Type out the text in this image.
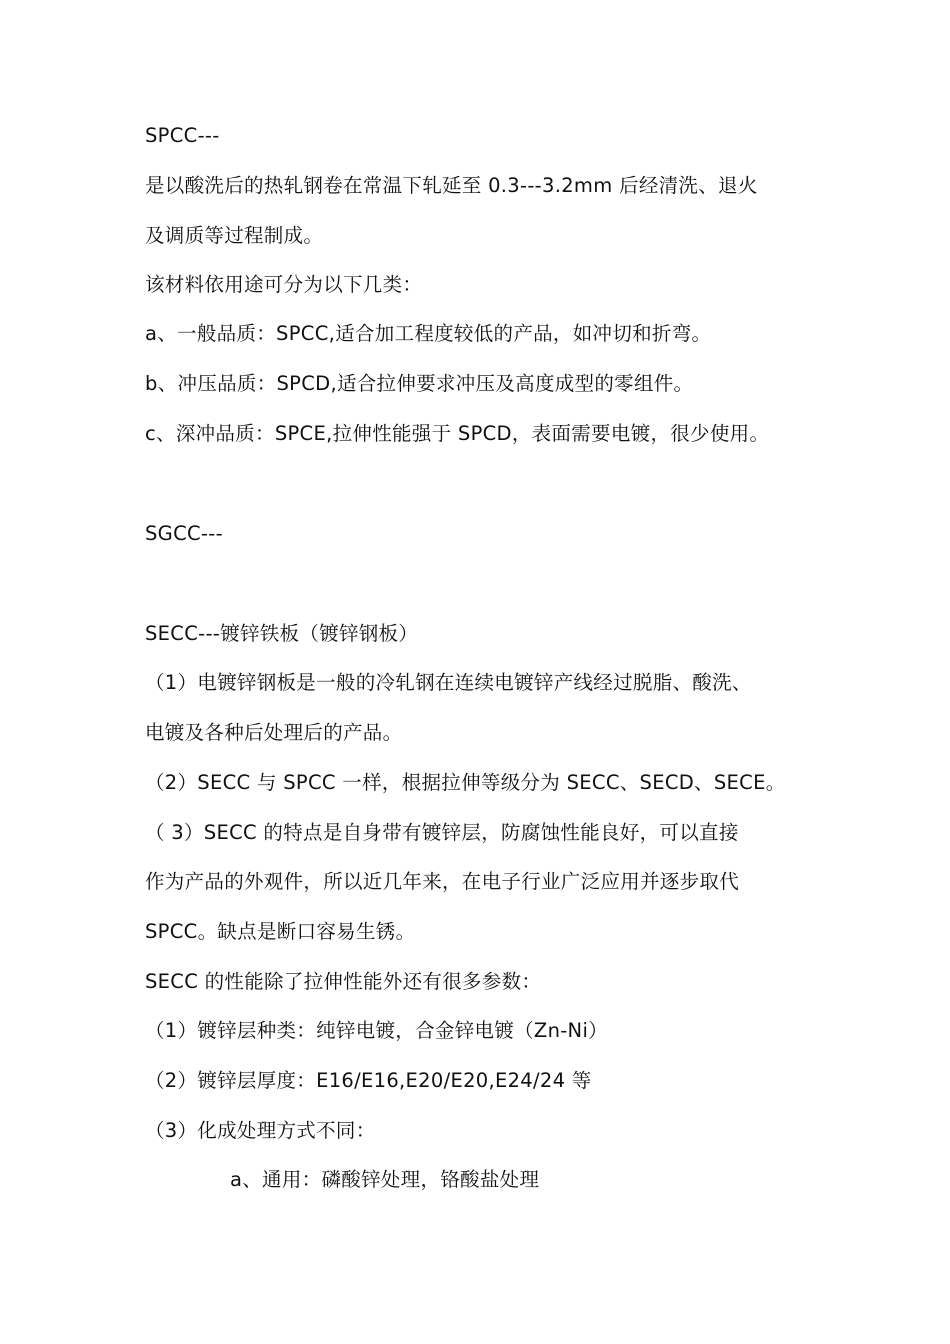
SPCC---
是以酸洗后的热轧钢卷在常温下轧延至 0.3---3.2mm 后经清洗、退火
及调质等过程制成。
该材料依用途可分为以下几类：
a、一般品质：SPCC,适合加工程度较低的产品，如冲切和折弯。
b、冲压品质：SPCD,适合拉伸要求冲压及高度成型的零组件。
c、深冲品质：SPCE,拉伸性能强于 SPCD，表面需要电镀，很少使用。
SGCC---
SECC---镀锌铁板（镀锌钢板）
（1）电镀锌钢板是一般的冷轧钢在连续电镀锌产线经过脱脂、酸洗、
电镀及各种后处理后的产品。
（2）SECC 与 SPCC 一样，根据拉伸等级分为 SECC、SECD、SECE。
（ 3）SECC 的特点是自身带有镀锌层，防腐蚀性能良好，可以直接
作为产品的外观件，所以近几年来，在电子行业广泛应用并逐步取代
SPCC。缺点是断口容易生锈。
SECC 的性能除了拉伸性能外还有很多参数：
（1）镀锌层种类：纯锌电镀，合金锌电镀（Zn-Ni）
（2）镀锌层厚度：E16/E16,E20/E20,E24/24 等
（3）化成处理方式不同：
a、通用：磷酸锌处理，铬酸盐处理
